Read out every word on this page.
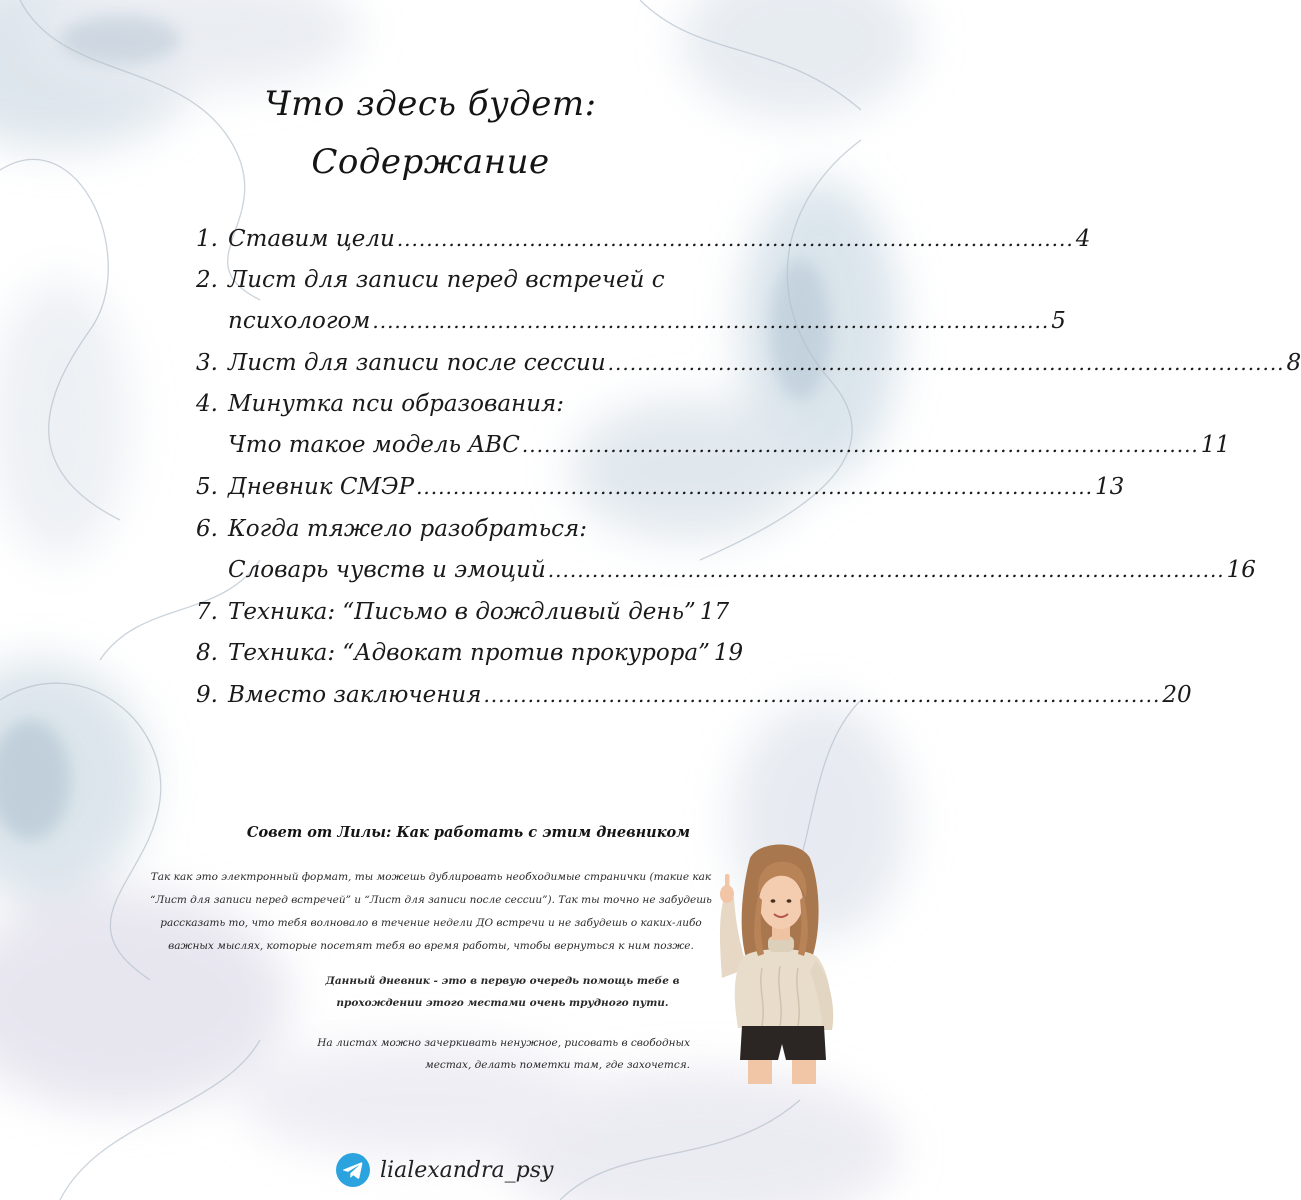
Что здесь будет:
Содержание
1. Ставим цели ............................................................................................ 4
2. Лист для записи перед встречей с
психологом ............................................................................................ 5
3. Лист для записи после сессии ............................................................................................ 8
4. Минутка пси образования:
Что такое модель ABC ............................................................................................ 11
5. Дневник СМЭР ............................................................................................ 13
6. Когда тяжело разобраться:
Словарь чувств и эмоций ............................................................................................ 16
7. Техника: “Письмо в дождливый день” 17
8. Техника: “Адвокат против прокурора” 19
9. Вместо заключения ............................................................................................ 20
Совет от Лилы: Как работать с этим дневником
Так как это электронный формат, ты можешь дублировать необходимые странички (такие как “Лист для записи перед встречей” и “Лист для записи после сессии”). Так ты точно не забудешь рассказать то, что тебя волновало в течение недели ДО встречи и не забудешь о каких-либо важных мыслях, которые посетят тебя во время работы, чтобы вернуться к ним позже.
Данный дневник - это в первую очередь помощь тебе в прохождении этого местами очень трудного пути.
На листах можно зачеркивать ненужное, рисовать в свободных местах, делать пометки там, где захочется.
lialexandra_psy
